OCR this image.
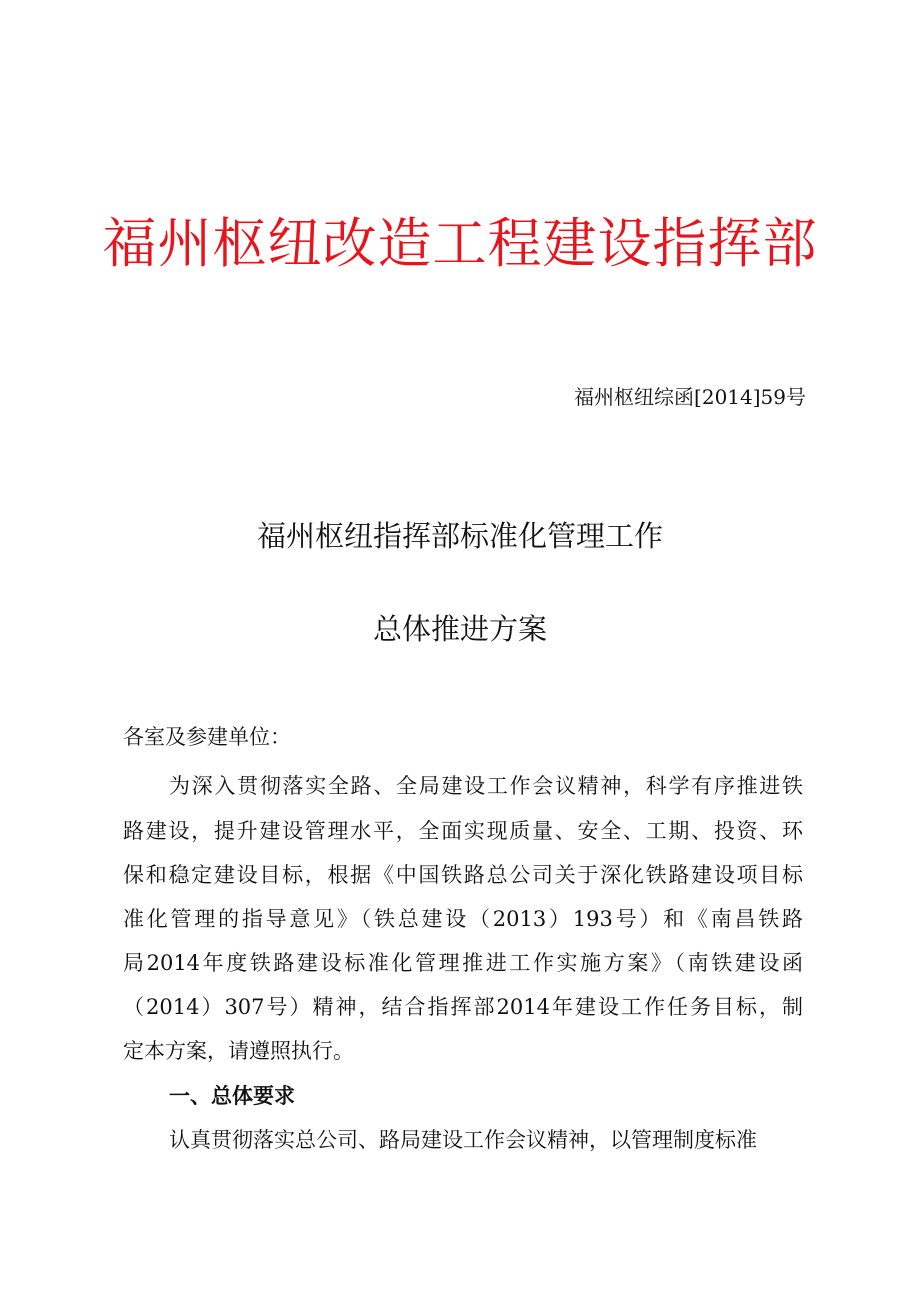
福州枢纽改造工程建设指挥部
福州枢纽综函[2014]59号
福州枢纽指挥部标准化管理工作
总体推进方案
各室及参建单位：
为深入贯彻落实全路、全局建设工作会议精神，科学有序推进铁
路建设，提升建设管理水平，全面实现质量、安全、工期、投资、环
保和稳定建设目标，根据《中国铁路总公司关于深化铁路建设项目标
准化管理的指导意见》（铁总建设（2013）193号）和《南昌铁路
局2014年度铁路建设标准化管理推进工作实施方案》（南铁建设函
（2014）307号）精神，结合指挥部2014年建设工作任务目标，制
定本方案，请遵照执行。
一、总体要求
认真贯彻落实总公司、路局建设工作会议精神，以管理制度标准
